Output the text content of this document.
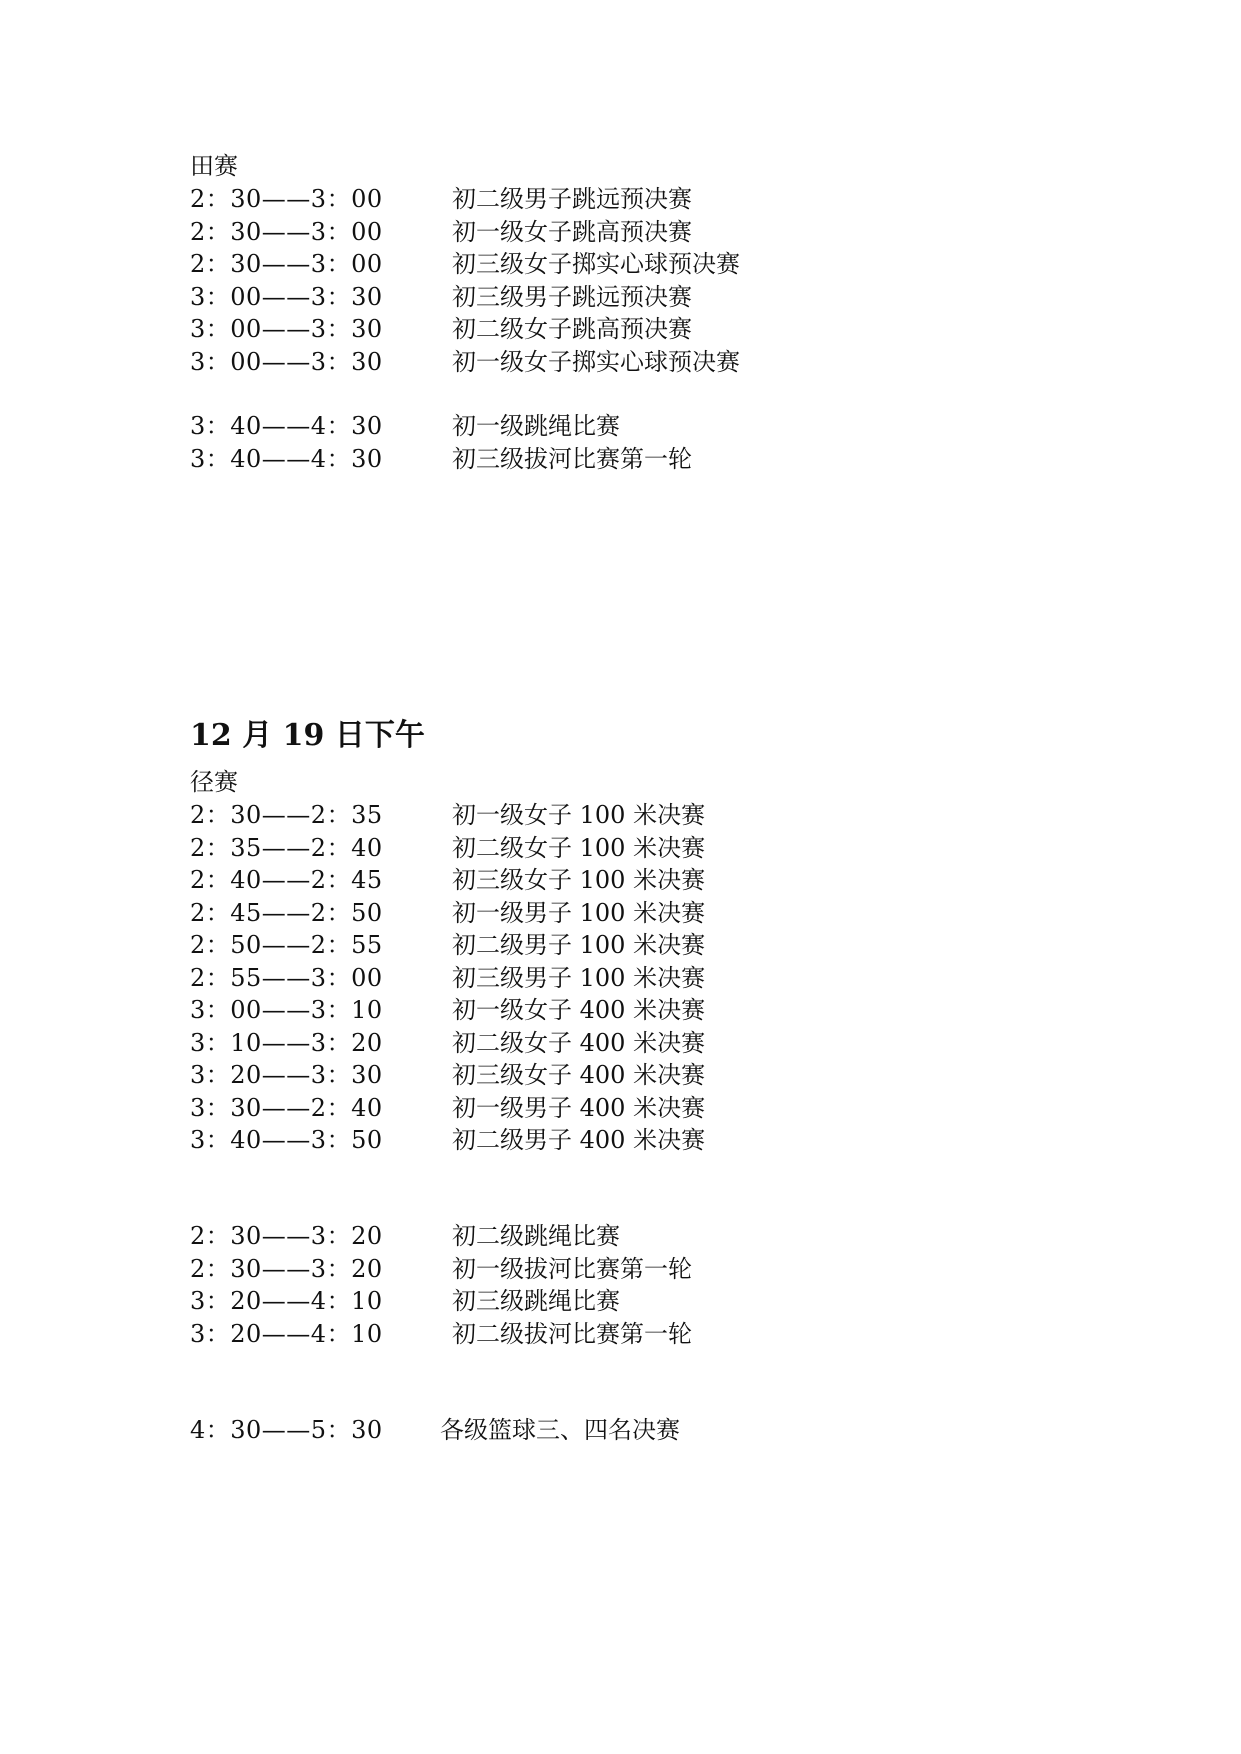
田赛
2：30——3：00	初二级男子跳远预决赛
2：30——3：00	初一级女子跳高预决赛
2：30——3：00	初三级女子掷实心球预决赛
3：00——3：30	初三级男子跳远预决赛
3：00——3：30	初二级女子跳高预决赛
3：00——3：30	初一级女子掷实心球预决赛
3：40——4：30	初一级跳绳比赛
3：40——4：30	初三级拔河比赛第一轮
12 月 19 日下午
径赛
2：30——2：35	初一级女子 100 米决赛
2：35——2：40	初二级女子 100 米决赛
2：40——2：45	初三级女子 100 米决赛
2：45——2：50	初一级男子 100 米决赛
2：50——2：55	初二级男子 100 米决赛
2：55——3：00	初三级男子 100 米决赛
3：00——3：10	初一级女子 400 米决赛
3：10——3：20	初二级女子 400 米决赛
3：20——3：30	初三级女子 400 米决赛
3：30——2：40	初一级男子 400 米决赛
3：40——3：50	初二级男子 400 米决赛
2：30——3：20	初二级跳绳比赛
2：30——3：20	初一级拔河比赛第一轮
3：20——4：10	初三级跳绳比赛
3：20——4：10	初二级拔河比赛第一轮
4：30——5：30 各级篮球三、四名决赛
